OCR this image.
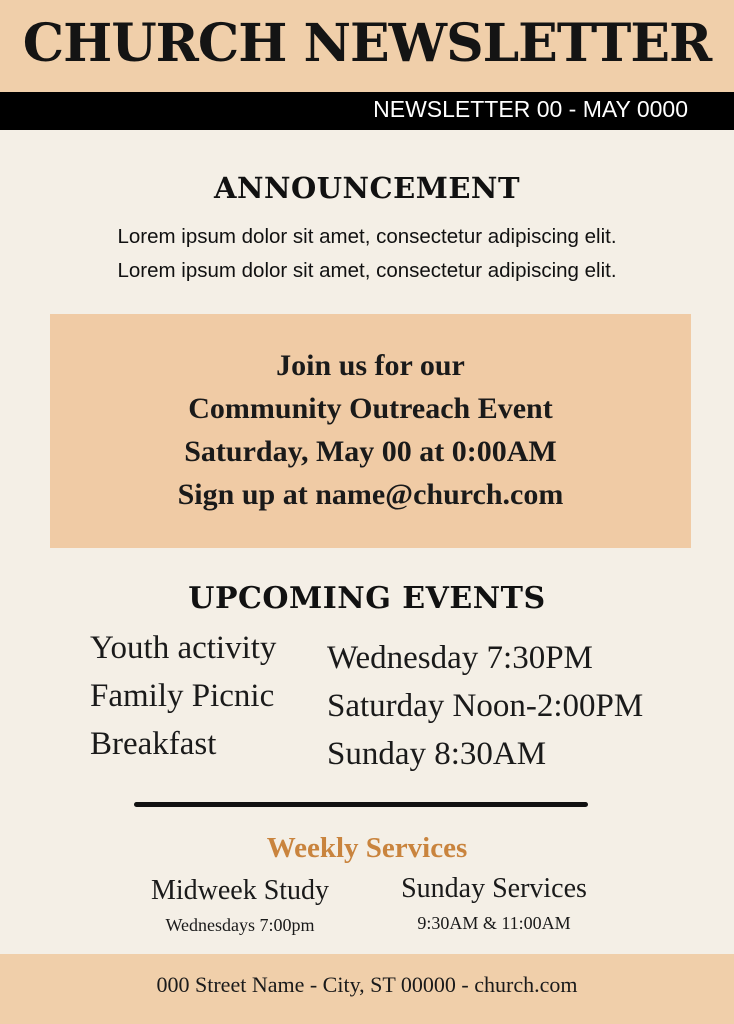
CHURCH NEWSLETTER
NEWSLETTER 00 - MAY 0000
ANNOUNCEMENT
Lorem ipsum dolor sit amet, consectetur adipiscing elit.
Lorem ipsum dolor sit amet, consectetur adipiscing elit.
Join us for our
Community Outreach Event
Saturday, May 00 at 0:00AM
Sign up at name@church.com
UPCOMING EVENTS
Youth activity Wednesday 7:30PM
Family Picnic Saturday Noon-2:00PM
Breakfast	Sunday 8:30AM
Weekly Services
Midweek Study
Wednesdays 7:00pm
Sunday Services
9:30AM & 11:00AM
000 Street Name - City, ST 00000 - church.com
